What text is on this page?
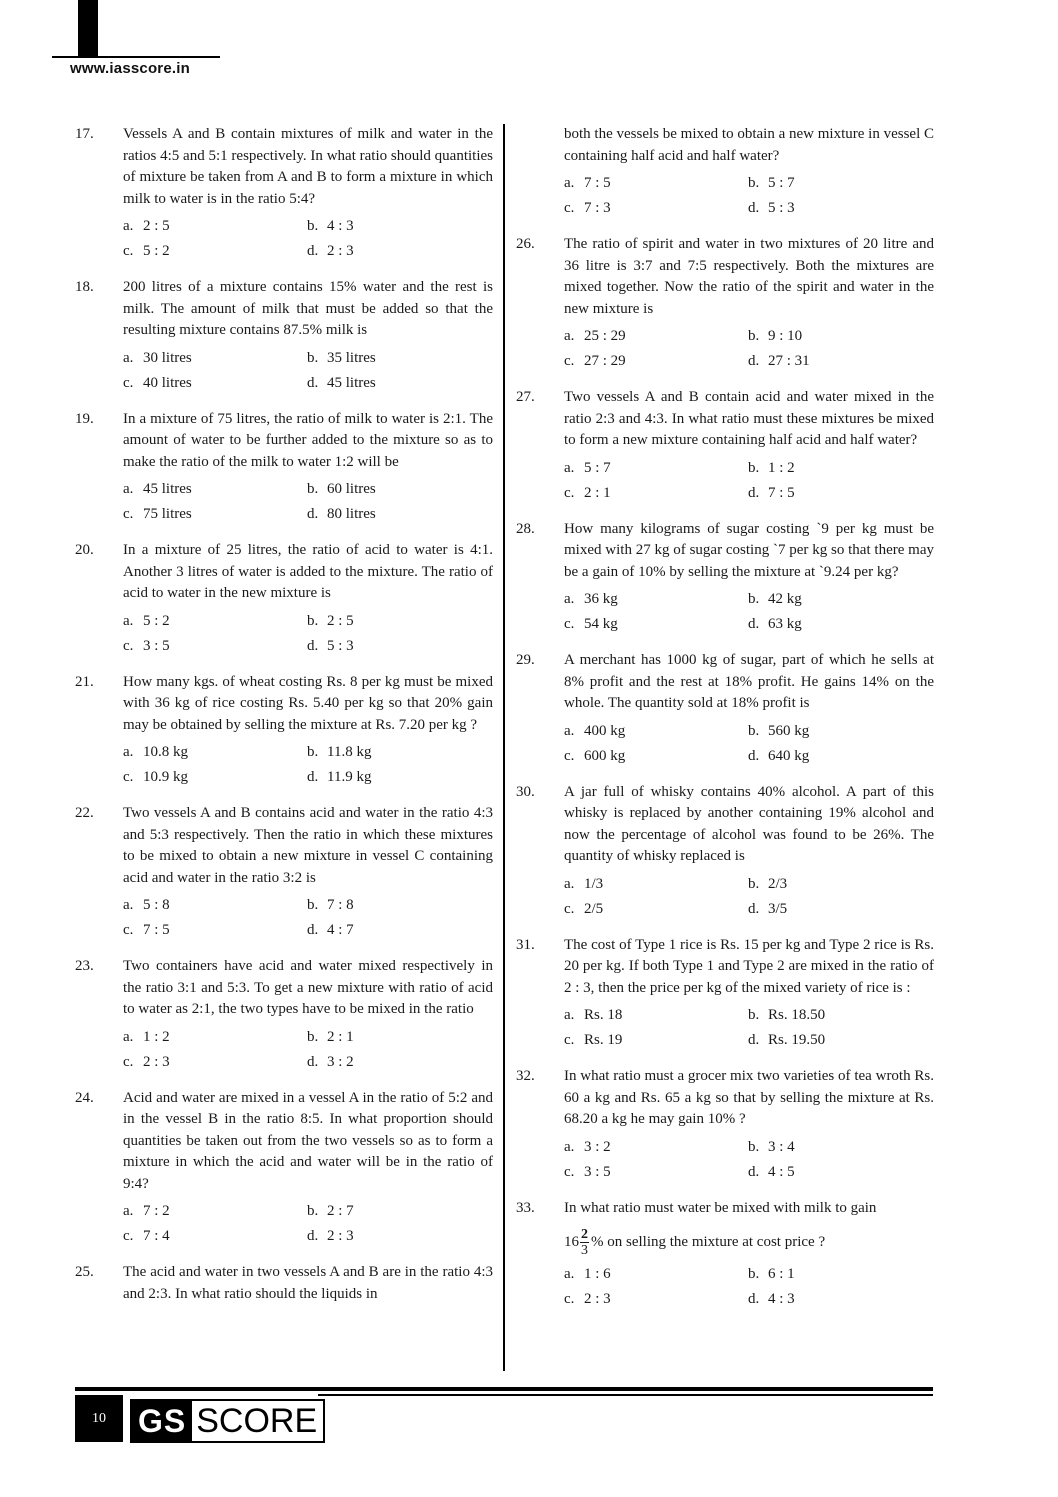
www.iasscore.in
17. Vessels A and B contain mixtures of milk and water in the ratios 4:5 and 5:1 respectively. In what ratio should quantities of mixture be taken from A and B to form a mixture in which milk to water is in the ratio 5:4?
a. 2 : 5	b. 4 : 3
c. 5 : 2	d. 2 : 3
18. 200 litres of a mixture contains 15% water and the rest is milk. The amount of milk that must be added so that the resulting mixture contains 87.5% milk is
a. 30 litres	b. 35 litres
c. 40 litres	d. 45 litres
19. In a mixture of 75 litres, the ratio of milk to water is 2:1. The amount of water to be further added to the mixture so as to make the ratio of the milk to water 1:2 will be
a. 45 litres	b. 60 litres
c. 75 litres	d. 80 litres
20. In a mixture of 25 litres, the ratio of acid to water is 4:1. Another 3 litres of water is added to the mixture. The ratio of acid to water in the new mixture is
a. 5 : 2	b. 2 : 5
c. 3 : 5	d. 5 : 3
21. How many kgs. of wheat costing Rs. 8 per kg must be mixed with 36 kg of rice costing Rs. 5.40 per kg so that 20% gain may be obtained by selling the mixture at Rs. 7.20 per kg ?
a. 10.8 kg	b. 11.8 kg
c. 10.9 kg	d. 11.9 kg
22. Two vessels A and B contains acid and water in the ratio 4:3 and 5:3 respectively. Then the ratio in which these mixtures to be mixed to obtain a new mixture in vessel C containing acid and water in the ratio 3:2 is
a. 5 : 8	b. 7 : 8
c. 7 : 5	d. 4 : 7
23. Two containers have acid and water mixed respectively in the ratio 3:1 and 5:3. To get a new mixture with ratio of acid to water as 2:1, the two types have to be mixed in the ratio
a. 1 : 2	b. 2 : 1
c. 2 : 3	d. 3 : 2
24. Acid and water are mixed in a vessel A in the ratio of 5:2 and in the vessel B in the ratio 8:5. In what proportion should quantities be taken out from the two vessels so as to form a mixture in which the acid and water will be in the ratio of 9:4?
a. 7 : 2	b. 2 : 7
c. 7 : 4	d. 2 : 3
25. The acid and water in two vessels A and B are in the ratio 4:3 and 2:3. In what ratio should the liquids in
both the vessels be mixed to obtain a new mixture in vessel C containing half acid and half water?
a. 7 : 5	b. 5 : 7
c. 7 : 3	d. 5 : 3
26. The ratio of spirit and water in two mixtures of 20 litre and 36 litre is 3:7 and 7:5 respectively. Both the mixtures are mixed together. Now the ratio of the spirit and water in the new mixture is
a. 25 : 29	b. 9 : 10
c. 27 : 29	d. 27 : 31
27. Two vessels A and B contain acid and water mixed in the ratio 2:3 and 4:3. In what ratio must these mixtures be mixed to form a new mixture containing half acid and half water?
a. 5 : 7	b. 1 : 2
c. 2 : 1	d. 7 : 5
28. How many kilograms of sugar costing `9 per kg must be mixed with 27 kg of sugar costing `7 per kg so that there may be a gain of 10% by selling the mixture at `9.24 per kg?
a. 36 kg	b. 42 kg
c. 54 kg	d. 63 kg
29. A merchant has 1000 kg of sugar, part of which he sells at 8% profit and the rest at 18% profit. He gains 14% on the whole. The quantity sold at 18% profit is
a. 400 kg	b. 560 kg
c. 600 kg	d. 640 kg
30. A jar full of whisky contains 40% alcohol. A part of this whisky is replaced by another containing 19% alcohol and now the percentage of alcohol was found to be 26%. The quantity of whisky replaced is
a. 1/3	b. 2/3
c. 2/5	d. 3/5
31. The cost of Type 1 rice is Rs. 15 per kg and Type 2 rice is Rs. 20 per kg. If both Type 1 and Type 2 are mixed in the ratio of 2 : 3, then the price per kg of the mixed variety of rice is :
a. Rs. 18	b. Rs. 18.50
c. Rs. 19	d. Rs. 19.50
32. In what ratio must a grocer mix two varieties of tea wroth Rs. 60 a kg and Rs. 65 a kg so that by selling the mixture at Rs. 68.20 a kg he may gain 10% ?
a. 3 : 2	b. 3 : 4
c. 3 : 5	d. 4 : 5
33. In what ratio must water be mixed with milk to gain
$16 \frac{2}{3}$ % on selling the mixture at cost price ?
a. 1 : 6	b. 6 : 1
c. 2 : 3	d. 4 : 3
10	GS SCORE
